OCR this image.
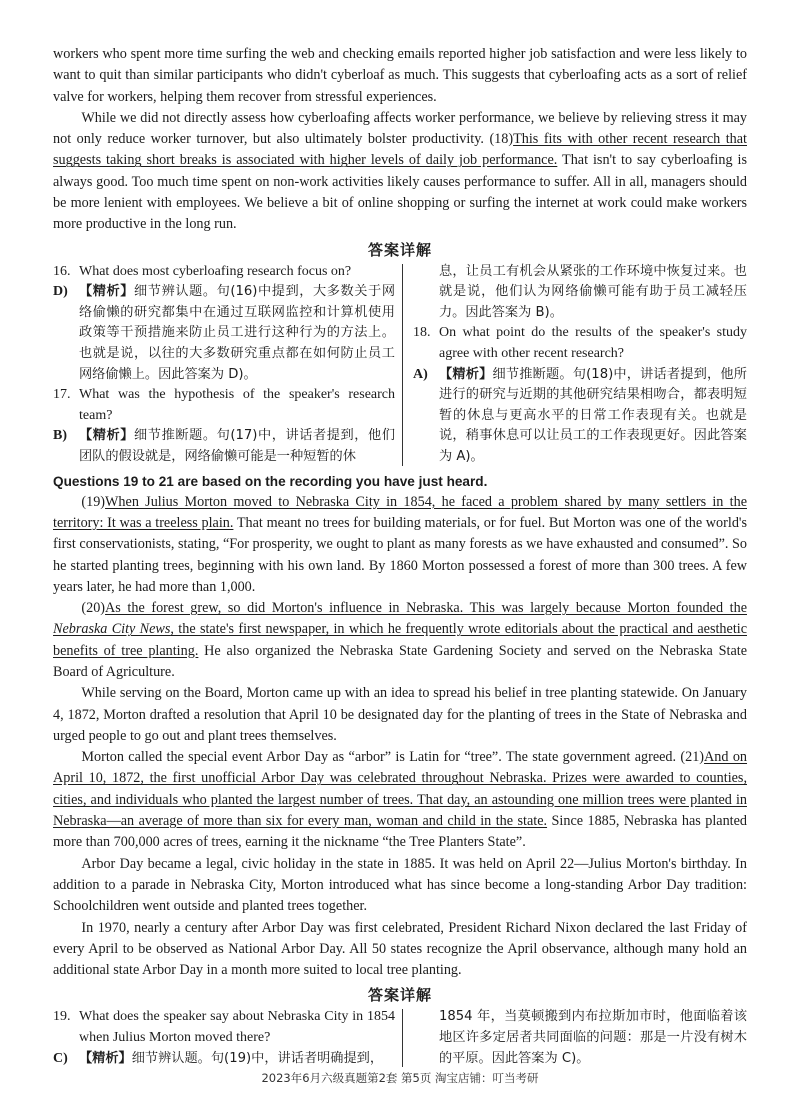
workers who spent more time surfing the web and checking emails reported higher job satisfaction and were less likely to want to quit than similar participants who didn't cyberloaf as much. This suggests that cyberloafing acts as a sort of relief valve for workers, helping them recover from stressful experiences.

While we did not directly assess how cyberloafing affects worker performance, we believe by relieving stress it may not only reduce worker turnover, but also ultimately bolster productivity. (18)This fits with other recent research that suggests taking short breaks is associated with higher levels of daily job performance. That isn't to say cyberloafing is always good. Too much time spent on non-work activities likely causes performance to suffer. All in all, managers should be more lenient with employees. We believe a bit of online shopping or surfing the internet at work could make workers more productive in the long run.

答案详解
16. What does most cyberloafing research focus on?
D) 【精析】细节辨认题。句(16)中提到，大多数关于网络偷懒的研究都集中在通过互联网监控和计算机使用政策等干预措施来防止员工进行这种行为的方法上。也就是说，以往的大多数研究重点都在如何防止员工网络偷懒上。因此答案为 D)。
17. What was the hypothesis of the speaker's research team?
B) 【精析】细节推断题。句(17)中，讲话者提到，他们团队的假设就是，网络偷懒可能是一种短暂的休
息，让员工有机会从紧张的工作环境中恢复过来。也就是说，他们认为网络偷懒可能有助于员工减轻压力。因此答案为 B)。
18. On what point do the results of the speaker's study agree with other recent research?
A) 【精析】细节推断题。句(18)中，讲话者提到，他所进行的研究与近期的其他研究结果相吻合，都表明短暂的休息与更高水平的日常工作表现有关。也就是说，稍事休息可以让员工的工作表现更好。因此答案为 A)。
Questions 19 to 21 are based on the recording you have just heard.

(19)When Julius Morton moved to Nebraska City in 1854, he faced a problem shared by many settlers in the territory: It was a treeless plain. That meant no trees for building materials, or for fuel. But Morton was one of the world's first conservationists, stating, “For prosperity, we ought to plant as many forests as we have exhausted and consumed”. So he started planting trees, beginning with his own land. By 1860 Morton possessed a forest of more than 300 trees. A few years later, he had more than 1,000.

(20)As the forest grew, so did Morton's influence in Nebraska. This was largely because Morton founded the Nebraska City News, the state's first newspaper, in which he frequently wrote editorials about the practical and aesthetic benefits of tree planting. He also organized the Nebraska State Gardening Society and served on the Nebraska State Board of Agriculture.

While serving on the Board, Morton came up with an idea to spread his belief in tree planting statewide. On January 4, 1872, Morton drafted a resolution that April 10 be designated day for the planting of trees in the State of Nebraska and urged people to go out and plant trees themselves.

Morton called the special event Arbor Day as “arbor” is Latin for “tree”. The state government agreed. (21)And on April 10, 1872, the first unofficial Arbor Day was celebrated throughout Nebraska. Prizes were awarded to counties, cities, and individuals who planted the largest number of trees. That day, an astounding one million trees were planted in Nebraska—an average of more than six for every man, woman and child in the state. Since 1885, Nebraska has planted more than 700,000 acres of trees, earning it the nickname “the Tree Planters State”.

Arbor Day became a legal, civic holiday in the state in 1885. It was held on April 22—Julius Morton's birthday. In addition to a parade in Nebraska City, Morton introduced what has since become a long-standing Arbor Day tradition: Schoolchildren went outside and planted trees together.

In 1970, nearly a century after Arbor Day was first celebrated, President Richard Nixon declared the last Friday of every April to be observed as National Arbor Day. All 50 states recognize the April observance, although many hold an additional state Arbor Day in a month more suited to local tree planting.

答案详解
19. What does the speaker say about Nebraska City in 1854 when Julius Morton moved there?
C) 【精析】细节辨认题。句(19)中，讲话者明确提到，
1854 年，当莫顿搬到内布拉斯加市时，他面临着该地区许多定居者共同面临的问题：那是一片没有树木的平原。因此答案为 C)。
2023年6月六级真题第2套 第5页 淘宝店铺：叮当考研
